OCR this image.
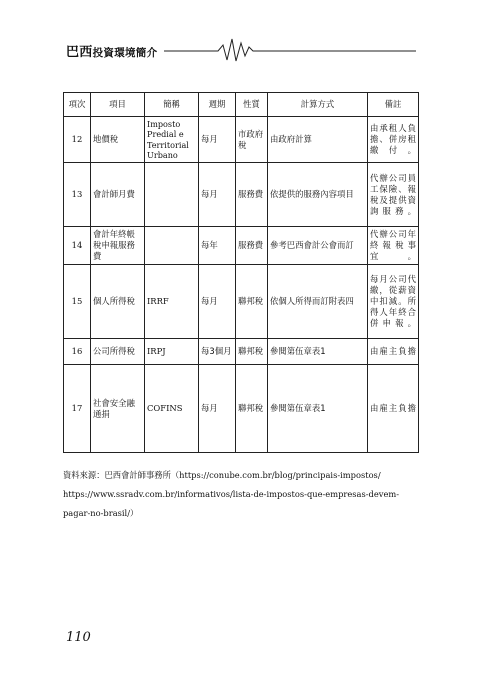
巴西投資環境簡介
項次	項目	簡稱	週期	性質	計算方式	備註
12	地價稅	Imposto Predial e Territorial Urbano	每月	市政府稅	由政府計算	由承租人負擔、併房租繳付。
13	會計師月費		每月	服務費	依提供的服務內容項目	代辦公司員工保險、報稅及提供資詢服務。
14	會計年終帳稅申報服務費		每年	服務費	參考巴西會計公會而訂	代辦公司年終報稅事宜。
15	個人所得稅	IRRF	每月	聯邦稅	依個人所得而訂附表四	每月公司代繳，從薪資中扣減。所得人年終合併申報。
16	公司所得稅	IRPJ	每3個月	聯邦稅	參閱第伍章表1	由雇主負擔
17	社會安全融通捐	COFINS	每月	聯邦稅	參閱第伍章表1	由雇主負擔
資料來源：巴西會計師事務所（https://conube.com.br/blog/principais-impostos/ https://www.ssradv.com.br/informativos/lista-de-impostos-que-empresas-devem-pagar-no-brasil/）
110
